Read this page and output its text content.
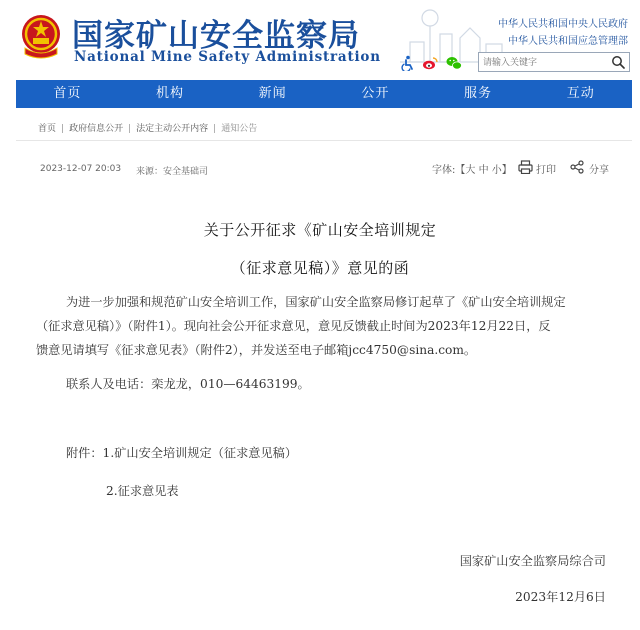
国家矿山安全监察局
National Mine Safety Administration
中华人民共和国中央人民政府
中华人民共和国应急管理部
请输入关键字
首页	机构	新闻	公开	服务	互动
首页 | 政府信息公开 | 法定主动公开内容 | 通知公告
2023-12-07 20:03 来源：安全基础司	字体:【大 中 小】 打印	分享
关于公开征求《矿山安全培训规定
（征求意见稿）》意见的函
为进一步加强和规范矿山安全培训工作，国家矿山安全监察局修订起草了《矿山安全培训规定
（征求意见稿）》（附件1）。现向社会公开征求意见，意见反馈截止时间为2023年12月22日，反
馈意见请填写《征求意见表》（附件2），并发送至电子邮箱jcc4750@sina.com。
联系人及电话：栾龙龙，010—64463199。
附件：1.矿山安全培训规定（征求意见稿）
2.征求意见表
国家矿山安全监察局综合司
2023年12月6日
